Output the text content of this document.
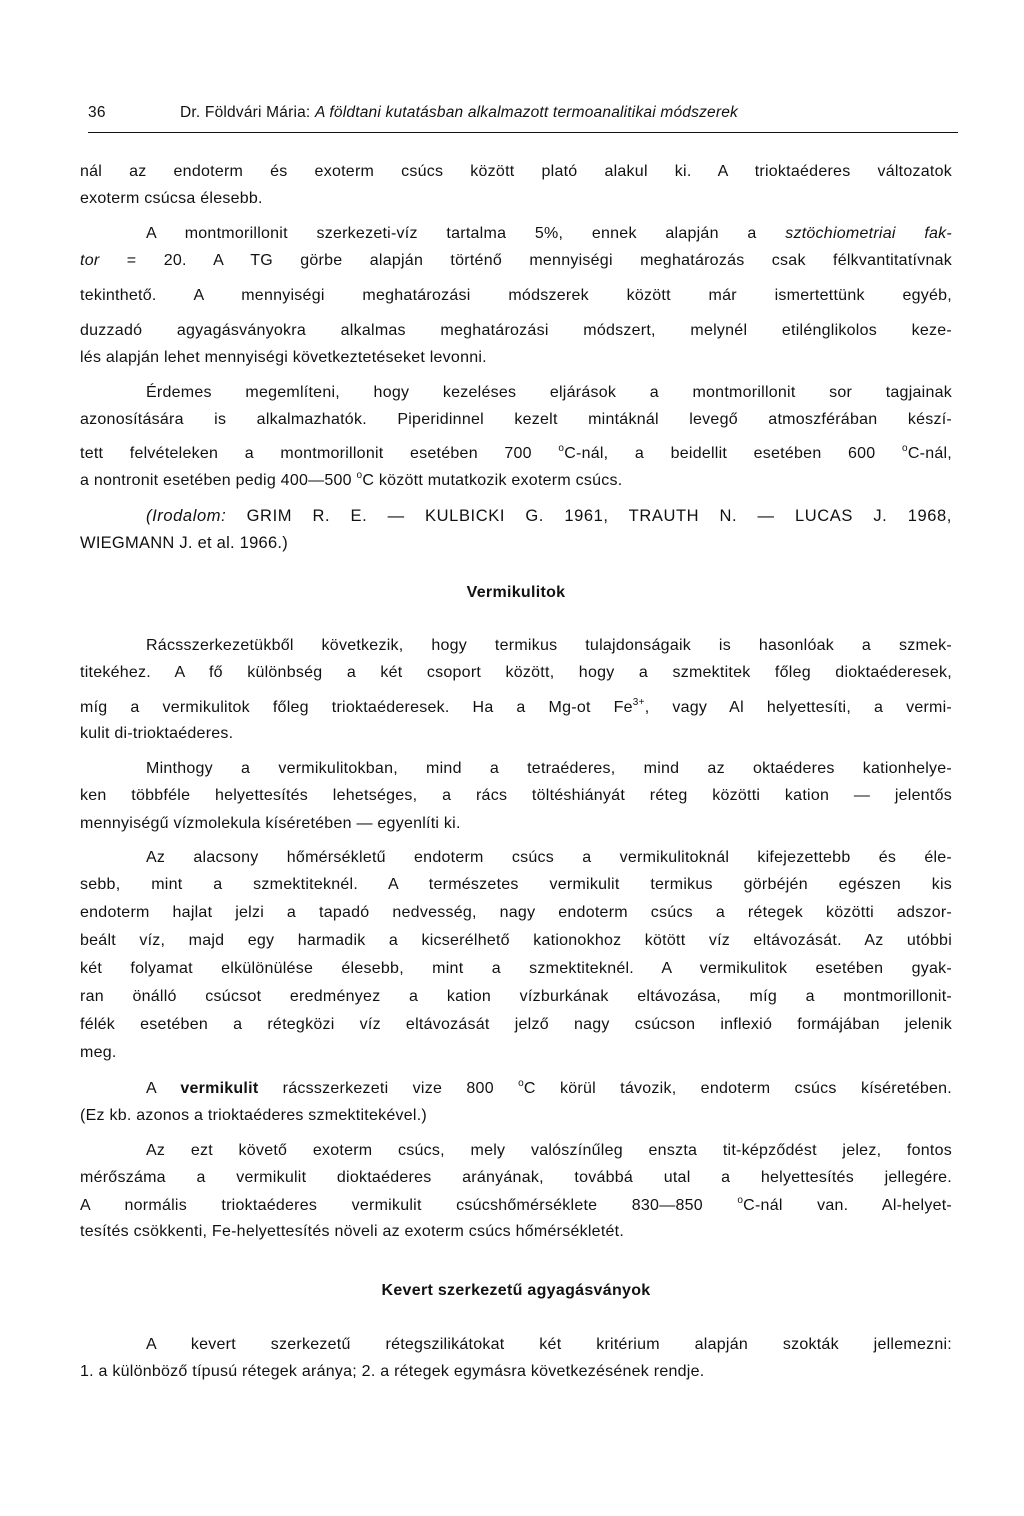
36	Dr. Földvári Mária: A földtani kutatásban alkalmazott termoanalitikai módszerek
nál az endoterm és exoterm csúcs között plató alakul ki. A trioktaéderes változatok
exoterm csúcsa élesebb.
A montmorillonit szerkezeti-víz tartalma 5%, ennek alapján a sztöchiometriai fak-
tor = 20. A TG görbe alapján történő mennyiségi meghatározás csak félkvantitatívnak
tekinthető. A mennyiségi meghatározási módszerek között már ismertettünk egyéb,
duzzadó agyagásványokra alkalmas meghatározási módszert, melynél etilénglikolos keze-
lés alapján lehet mennyiségi következtetéseket levonni.
Érdemes megemlíteni, hogy kezeléses eljárások a montmorillonit sor tagjainak
azonosítására is alkalmazhatók. Piperidinnel kezelt mintáknál levegő atmoszférában készí-
tett felvételeken a montmorillonit esetében 700	$^o$C-nál, a beidellit esetében 600	$^o$C-nál,
a nontronit esetében pedig 400—500 $^o$C között mutatkozik exoterm csúcs.
(Irodalom: GRIM R. E. — KULBICKI G. 1961, TRAUTH N. — LUCAS J. 1968,
WIEGMANN J. et al. 1966.)
Vermikulitok
Rácsszerkezetükből következik, hogy termikus tulajdonságaik is hasonlóak a szmek-
titekéhez. A fő különbség a két csoport között, hogy a szmektitek főleg dioktaéderesek,
míg a vermikulitok főleg trioktaéderesek. Ha a Mg-ot $Fe^{3+}$, vagy Al helyettesíti, a vermi-
kulit di-trioktaéderes.
Minthogy a vermikulitokban, mind a tetraéderes, mind az oktaéderes kationhelye-
ken többféle helyettesítés lehetséges, a rács töltéshiányát réteg közötti kation — jelentős
mennyiségű vízmolekula kíséretében — egyenlíti ki.
Az alacsony hőmérsékletű endoterm csúcs a vermikulitoknál kifejezettebb és éle-
sebb, mint a szmektiteknél. A természetes vermikulit termikus görbéjén egészen kis
endoterm hajlat jelzi a tapadó nedvesség, nagy endoterm csúcs a rétegek közötti adszor-
beált víz, majd egy harmadik a kicserélhető kationokhoz kötött víz eltávozását. Az utóbbi
két folyamat elkülönülése élesebb, mint a szmektiteknél. A vermikulitok esetében gyak-
ran önálló csúcsot eredményez a kation vízburkának eltávozása, míg a montmorillonit-
félék esetében a rétegközi víz eltávozását jelző nagy csúcson inflexió formájában jelenik
meg.
A vermikulit rácsszerkezeti vize 800 $^o$C körül távozik, endoterm csúcs kíséretében.
(Ez kb. azonos a trioktaéderes szmektitekével.)
Az ezt követő exoterm csúcs, mely valószínűleg enszta tit-képződést jelez, fontos
mérőszáma a vermikulit dioktaéderes arányának, továbbá utal a helyettesítés jellegére.
A normális trioktaéderes vermikulit csúcshőmérséklete 830—850	$^o$C-nál van. Al-helyet-
tesítés csökkenti, Fe-helyettesítés növeli az exoterm csúcs hőmérsékletét.
Kevert szerkezetű agyagásványok
A kevert szerkezetű rétegszilikátokat két kritérium alapján szokták jellemezni:
1. a különböző típusú rétegek aránya; 2. a rétegek egymásra következésének rendje.
